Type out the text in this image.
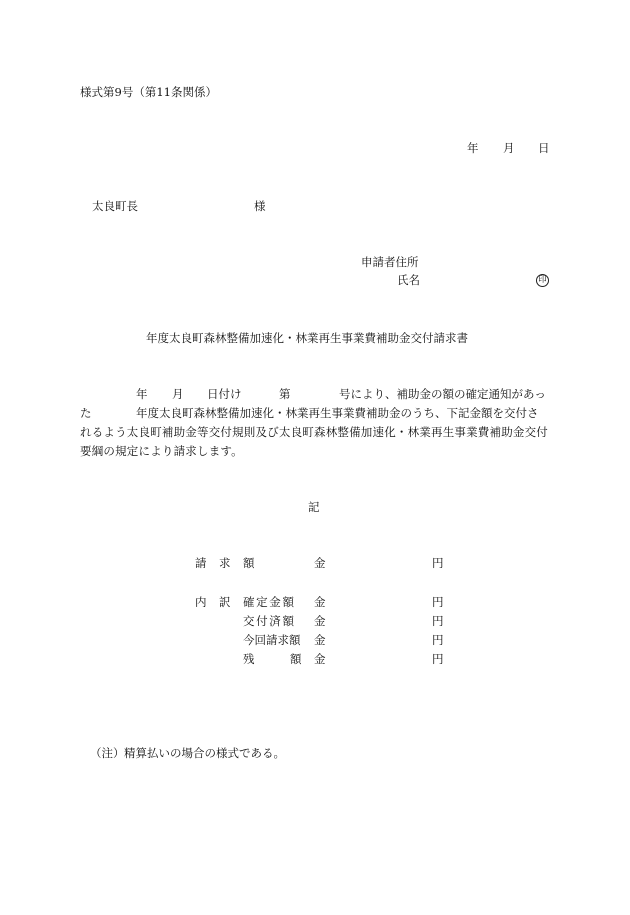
様式第9号（第11条関係）
年 月 日
太良町長	様
申請者住所
氏名	印
年度太良町森林整備加速化・林業再生事業費補助金交付請求書
年 月 日付け	第	号により、補助金の額の確定通知があっ
た	年度太良町森林整備加速化・林業再生事業費補助金のうち、下記金額を交付さ
れるよう太良町補助金等交付規則及び太良町森林整備加速化・林業再生事業費補助金交付
要綱の規定により請求します。
記
請 求 額	金	円
内 訳 確 定 金 額 金	円
交 付 済 額 金	円
今回請求額 金	円
残	額 金	円
（注） 精算払いの場合の様式である。
